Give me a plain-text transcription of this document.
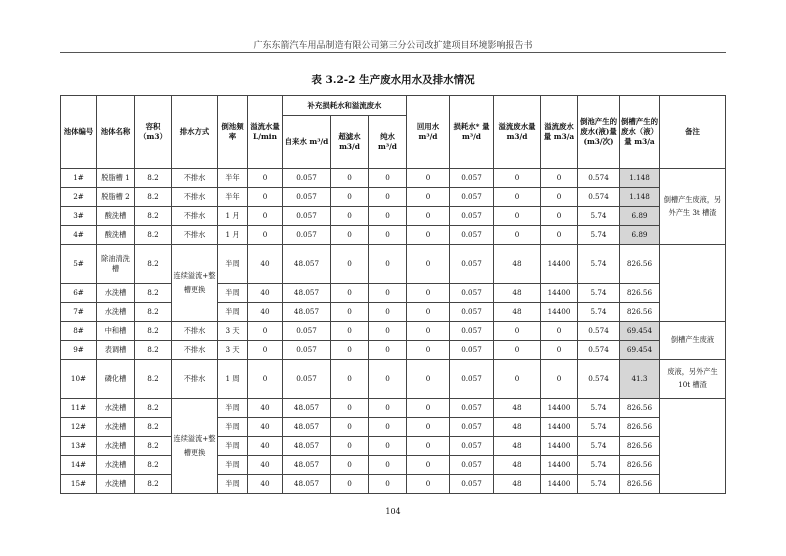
广东东箭汽车用品制造有限公司第三分公司改扩建项目环境影响报告书
表 3.2-2 生产废水用水及排水情况
池体编号	池体名称	容积（m3）	排水方式	倒池频率	溢流水量 L/min	补充损耗水和溢流废水			回用水 m³/d	损耗水* 量 m³/d	溢流废水量 m3/d	溢流废水量 m3/a	倒池产生的废水(液)量 (m3/次)	倒槽产生的废水（液）量 m3/a	备注
						自来水 m³/d	超滤水 m3/d	纯水 m³/d							
1#	脱脂槽 1	8.2	不排水	半年	0	0.057	0	0	0	0.057	0	0	0.574	1.148	倒槽产生废液，另外产生 3t 槽渣
2#	脱脂槽 2	8.2	不排水	半年	0	0.057	0	0	0	0.057	0	0	0.574	1.148	
3#	酸洗槽	8.2	不排水	1 月	0	0.057	0	0	0	0.057	0	0	5.74	6.89	
4#	酸洗槽	8.2	不排水	1 月	0	0.057	0	0	0	0.057	0	0	5.74	6.89	
5#	除油清洗槽	8.2	连续溢流+整槽更换	半周	40	48.057	0	0	0	0.057	48	14400	5.74	826.56	
6#	水洗槽	8.2		半周	40	48.057	0	0	0	0.057	48	14400	5.74	826.56	
7#	水洗槽	8.2		半周	40	48.057	0	0	0	0.057	48	14400	5.74	826.56	
8#	中和槽	8.2	不排水	3 天	0	0.057	0	0	0	0.057	0	0	0.574	69.454	倒槽产生废液
9#	表调槽	8.2	不排水	3 天	0	0.057	0	0	0	0.057	0	0	0.574	69.454	
10#	磷化槽	8.2	不排水	1 周	0	0.057	0	0	0	0.057	0	0	0.574	41.3	废液，另外产生 10t 槽渣
11#	水洗槽	8.2	连续溢流+整槽更换	半周	40	48.057	0	0	0	0.057	48	14400	5.74	826.56	
12#	水洗槽	8.2		半周	40	48.057	0	0	0	0.057	48	14400	5.74	826.56	
13#	水洗槽	8.2		半周	40	48.057	0	0	0	0.057	48	14400	5.74	826.56	
14#	水洗槽	8.2		半周	40	48.057	0	0	0	0.057	48	14400	5.74	826.56	
15#	水洗槽	8.2		半周	40	48.057	0	0	0	0.057	48	14400	5.74	826.56	
104
